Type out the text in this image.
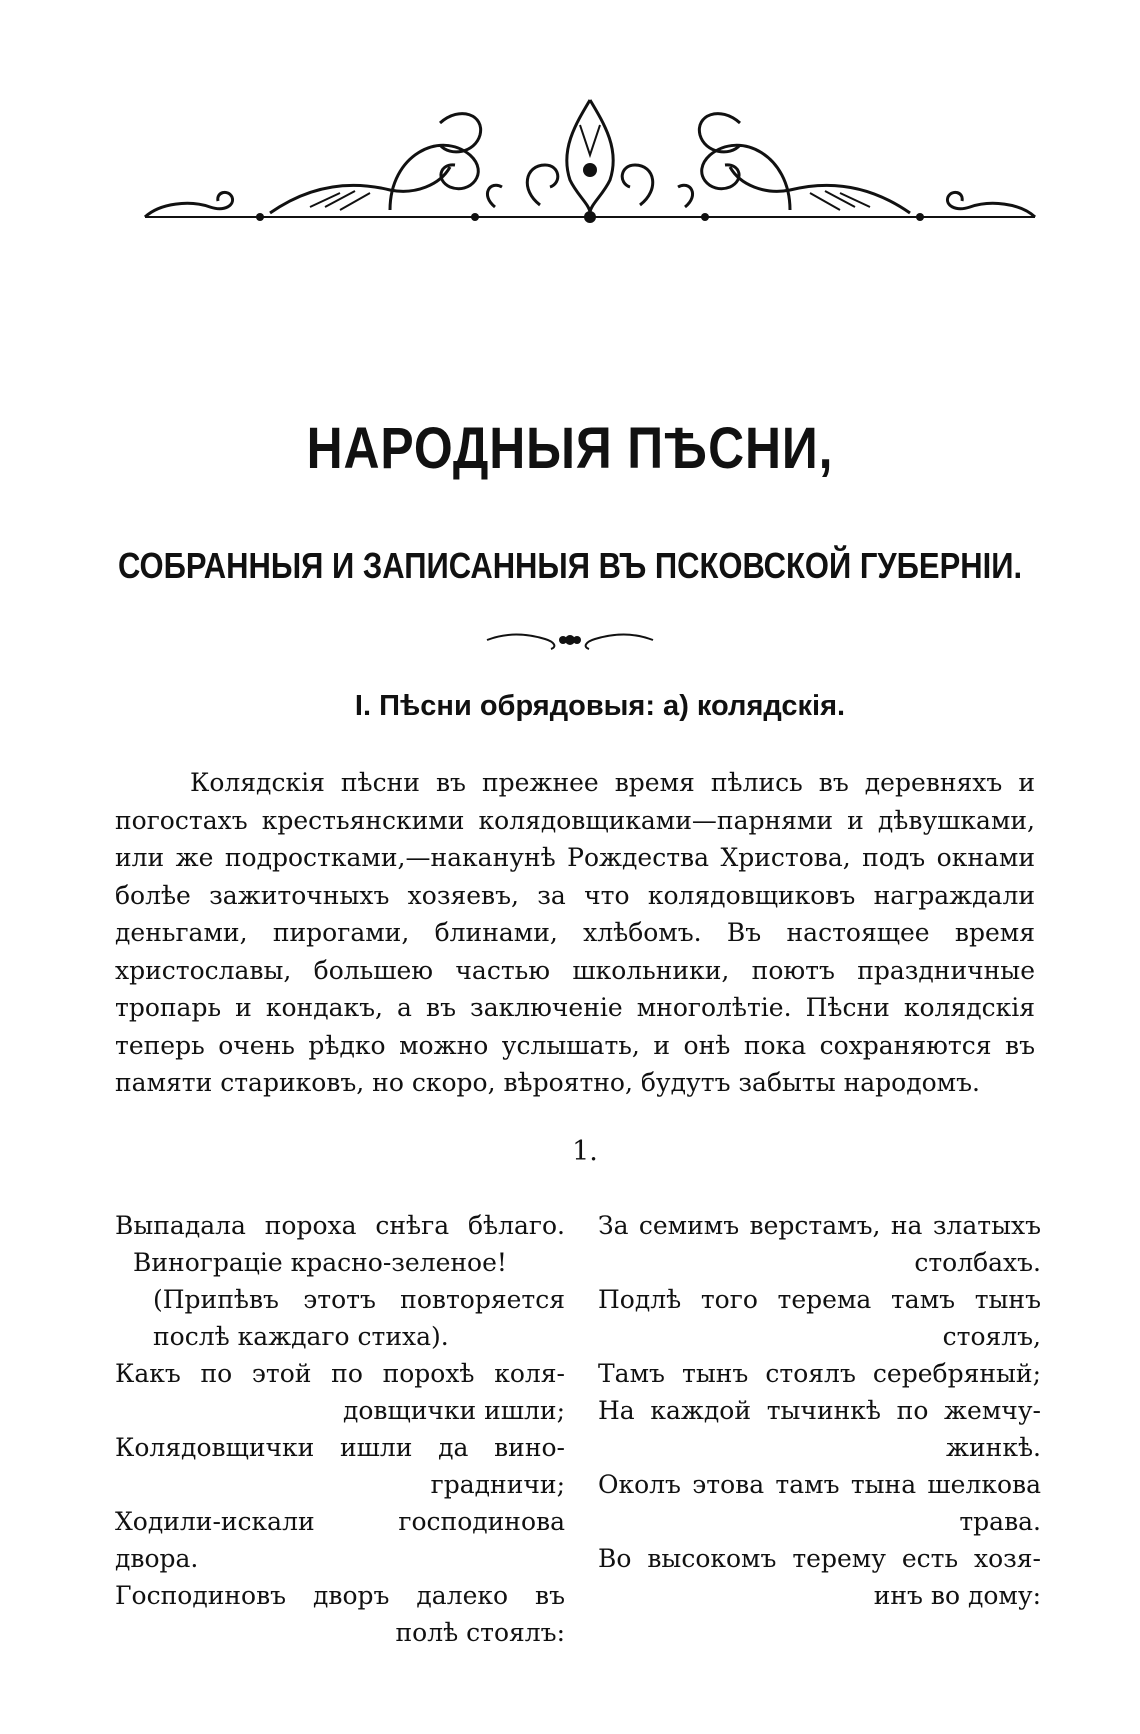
НАРОДНЫЯ ПѢСНИ,
СОБРАННЫЯ И ЗАПИСАННЫЯ ВЪ ПСКОВСКОЙ ГУБЕРНІИ.
I. Пѣсни обрядовыя: а) колядскія.

Колядскія пѣсни въ прежнее время пѣлись въ деревняхъ и погостахъ крестьянскими колядовщиками—парнями и дѣвушками, или же подростками,—наканунѣ Рождества Христова, подъ окнами болѣе зажиточныхъ хозяевъ, за что колядовщиковъ награждали деньгами, пирогами, блинами, хлѣбомъ. Въ настоящее время христославы, большею частью школьники, поютъ праздничные тропарь и кондакъ, а въ заключеніе многолѣтіе. Пѣсни колядскія теперь очень рѣдко можно услышать, и онѣ пока сохраняются въ памяти стариковъ, но скоро, вѣроятно, будутъ забыты народомъ.

1.
Выпадала пороха снѣга бѣлаго.
Винограціе красно-зеленое!
(Припѣвъ этотъ повторяется
послѣ каждаго стиха).
Какъ по этой по порохѣ коля-
довщички ишли;
Колядовщички ишли да вино-
градничи;
Ходили-искали господинова двора.
Господиновъ дворъ далеко въ
полѣ стоялъ:
За семимъ верстамъ, на златыхъ
столбахъ.
Подлѣ того терема тамъ тынъ
стоялъ,
Тамъ тынъ стоялъ серебряный;
На каждой тычинкѣ по жемчу-
жинкѣ.
Околъ этова тамъ тына шелкова
трава.
Во высокомъ терему есть хозя-
инъ во дому:
